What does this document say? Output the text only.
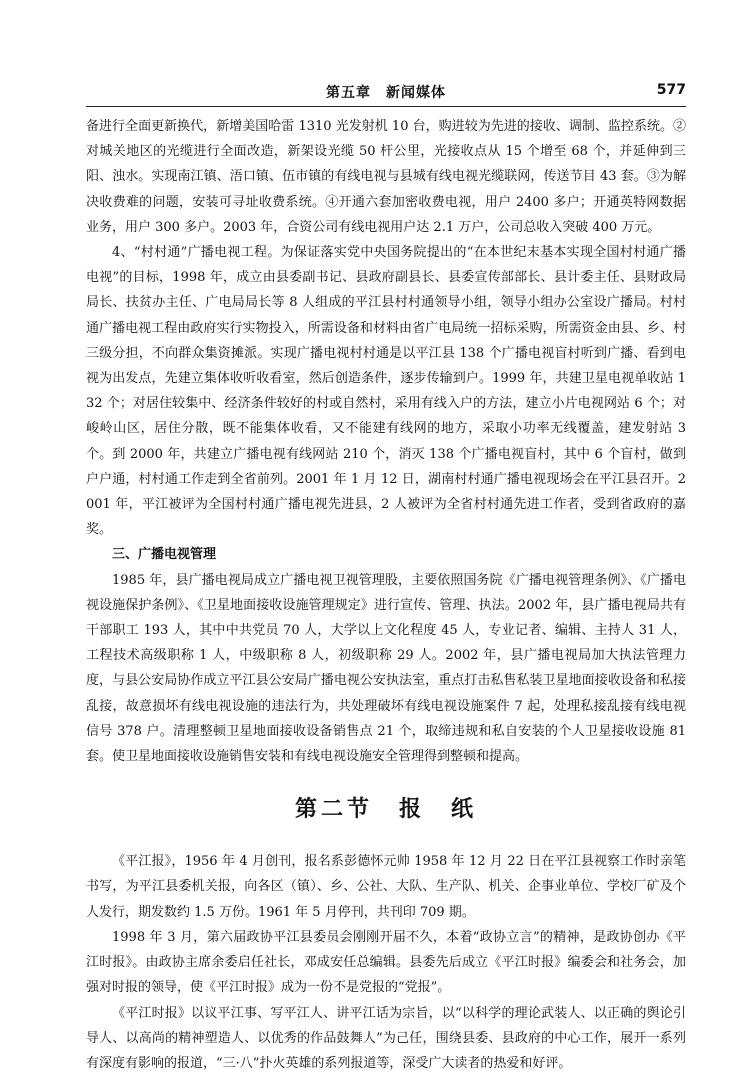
第五章　新闻媒体	577

备进行全面更新换代，新增美国哈雷 1310 光发射机 10 台，购进较为先进的接收、调制、监控系统。②对城关地区的光缆进行全面改造，新架设光缆 50 杆公里，光接收点从 15 个增至 68 个，并延伸到三阳、浊水。实现南江镇、浯口镇、伍市镇的有线电视与县城有线电视光缆联网，传送节目 43 套。③为解决收费难的问题，安装可寻址收费系统。④开通六套加密收费电视，用户 2400 多户；开通英特网数据业务，用户 300 多户。2003 年，合资公司有线电视用户达 2.1 万户，公司总收入突破 400 万元。

4、“村村通”广播电视工程。为保证落实党中央国务院提出的“在本世纪末基本实现全国村村通广播电视”的目标，1998 年，成立由县委副书记、县政府副县长、县委宣传部部长、县计委主任、县财政局局长、扶贫办主任、广电局局长等 8 人组成的平江县村村通领导小组，领导小组办公室设广播局。村村通广播电视工程由政府实行实物投入，所需设备和材料由省广电局统一招标采购，所需资金由县、乡、村三级分担，不向群众集资摊派。实现广播电视村村通是以平江县 138 个广播电视盲村听到广播、看到电视为出发点，先建立集体收听收看室，然后创造条件，逐步传输到户。1999 年，共建卫星电视单收站 132 个；对居住较集中、经济条件较好的村或自然村，采用有线入户的方法，建立小片电视网站 6 个；对峻岭山区，居住分散，既不能集体收看，又不能建有线网的地方，采取小功率无线覆盖，建发射站 3 个。到 2000 年，共建立广播电视有线网站 210 个，消灭 138 个广播电视盲村，其中 6 个盲村，做到户户通，村村通工作走到全省前列。2001 年 1 月 12 日，湖南村村通广播电视现场会在平江县召开。2001 年，平江被评为全国村村通广播电视先进县，2 人被评为全省村村通先进工作者，受到省政府的嘉奖。

三、广播电视管理

1985 年，县广播电视局成立广播电视卫视管理股，主要依照国务院《广播电视管理条例》、《广播电视设施保护条例》、《卫星地面接收设施管理规定》进行宣传、管理、执法。2002 年，县广播电视局共有干部职工 193 人，其中中共党员 70 人，大学以上文化程度 45 人，专业记者、编辑、主持人 31 人，工程技术高级职称 1 人，中级职称 8 人，初级职称 29 人。2002 年，县广播电视局加大执法管理力度，与县公安局协作成立平江县公安局广播电视公安执法室，重点打击私售私装卫星地面接收设备和私接乱接，故意损坏有线电视设施的违法行为，共处理破坏有线电视设施案件 7 起，处理私接乱接有线电视信号 378 户。清理整顿卫星地面接收设备销售点 21 个，取缔违规和私自安装的个人卫星接收设施 81 套。使卫星地面接收设施销售安装和有线电视设施安全管理得到整顿和提高。

第二节　报　纸

《平江报》，1956 年 4 月创刊，报名系彭德怀元帅 1958 年 12 月 22 日在平江县视察工作时亲笔书写，为平江县委机关报，向各区（镇）、乡、公社、大队、生产队、机关、企事业单位、学校厂矿及个人发行，期发数约 1.5 万份。1961 年 5 月停刊，共刊印 709 期。

1998 年 3 月，第六届政协平江县委员会刚刚开届不久，本着“政协立言”的精神，是政协创办《平江时报》。由政协主席余委启任社长，邓成安任总编辑。县委先后成立《平江时报》编委会和社务会，加强对时报的领导，使《平江时报》成为一份不是党报的“党报”。

《平江时报》以议平江事、写平江人、讲平江话为宗旨，以“以科学的理论武装人、以正确的舆论引导人、以高尚的精神塑造人、以优秀的作品鼓舞人”为己任，围绕县委、县政府的中心工作，展开一系列有深度有影响的报道，“三·八”扑火英雄的系列报道等，深受广大读者的热爱和好评。
